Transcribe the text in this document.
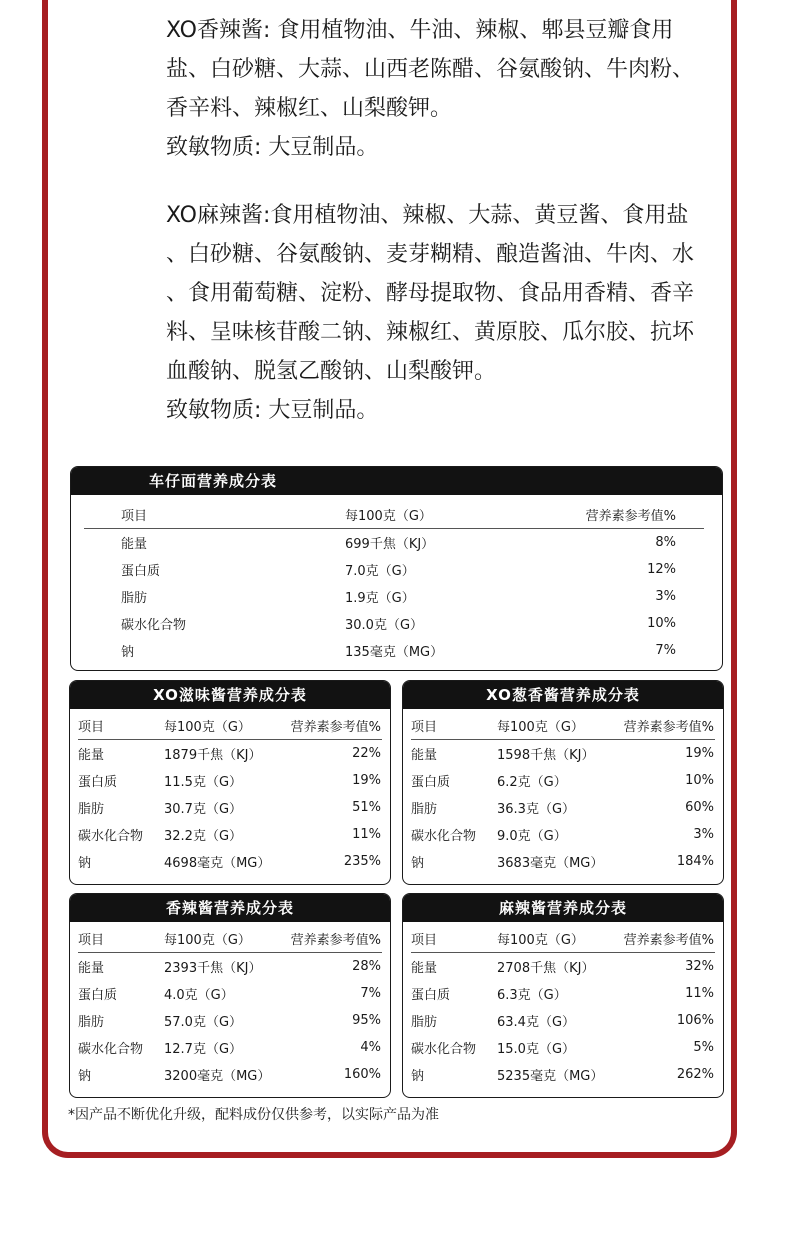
XO香辣酱: 食用植物油、牛油、辣椒、郫县豆瓣食用

盐、白砂糖、大蒜、山西老陈醋、谷氨酸钠、牛肉粉、

香辛料、辣椒红、山梨酸钾。

致敏物质: 大豆制品。

XO麻辣酱:食用植物油、辣椒、大蒜、黄豆酱、食用盐

、白砂糖、谷氨酸钠、麦芽糊精、酿造酱油、牛肉、水

、食用葡萄糖、淀粉、酵母提取物、食品用香精、香辛

料、呈味核苷酸二钠、辣椒红、黄原胶、瓜尔胶、抗坏

血酸钠、脱氢乙酸钠、山梨酸钾。

致敏物质: 大豆制品。

车仔面营养成分表
项目	每100克（G）	营养素参考值%
能量	699千焦（KJ）	8%
蛋白质	7.0克（G）	12%
脂肪	1.9克（G）	3%
碳水化合物	30.0克（G）	10%
钠	135毫克（MG）	7%
XO滋味酱营养成分表
项目	每100克（G）	营养素参考值%
能量	1879千焦（KJ）	22%
蛋白质	11.5克（G）	19%
脂肪	30.7克（G）	51%
碳水化合物	32.2克（G）	11%
钠	4698毫克（MG）	235%
XO葱香酱营养成分表
项目	每100克（G）	营养素参考值%
能量	1598千焦（KJ）	19%
蛋白质	6.2克（G）	10%
脂肪	36.3克（G）	60%
碳水化合物	9.0克（G）	3%
钠	3683毫克（MG）	184%
香辣酱营养成分表
项目	每100克（G）	营养素参考值%
能量	2393千焦（KJ）	28%
蛋白质	4.0克（G）	7%
脂肪	57.0克（G）	95%
碳水化合物	12.7克（G）	4%
钠	3200毫克（MG）	160%
麻辣酱营养成分表
项目	每100克（G）	营养素参考值%
能量	2708千焦（KJ）	32%
蛋白质	6.3克（G）	11%
脂肪	63.4克（G）	106%
碳水化合物	15.0克（G）	5%
钠	5235毫克（MG）	262%
*因产品不断优化升级，配料成份仅供参考，以实际产品为准
